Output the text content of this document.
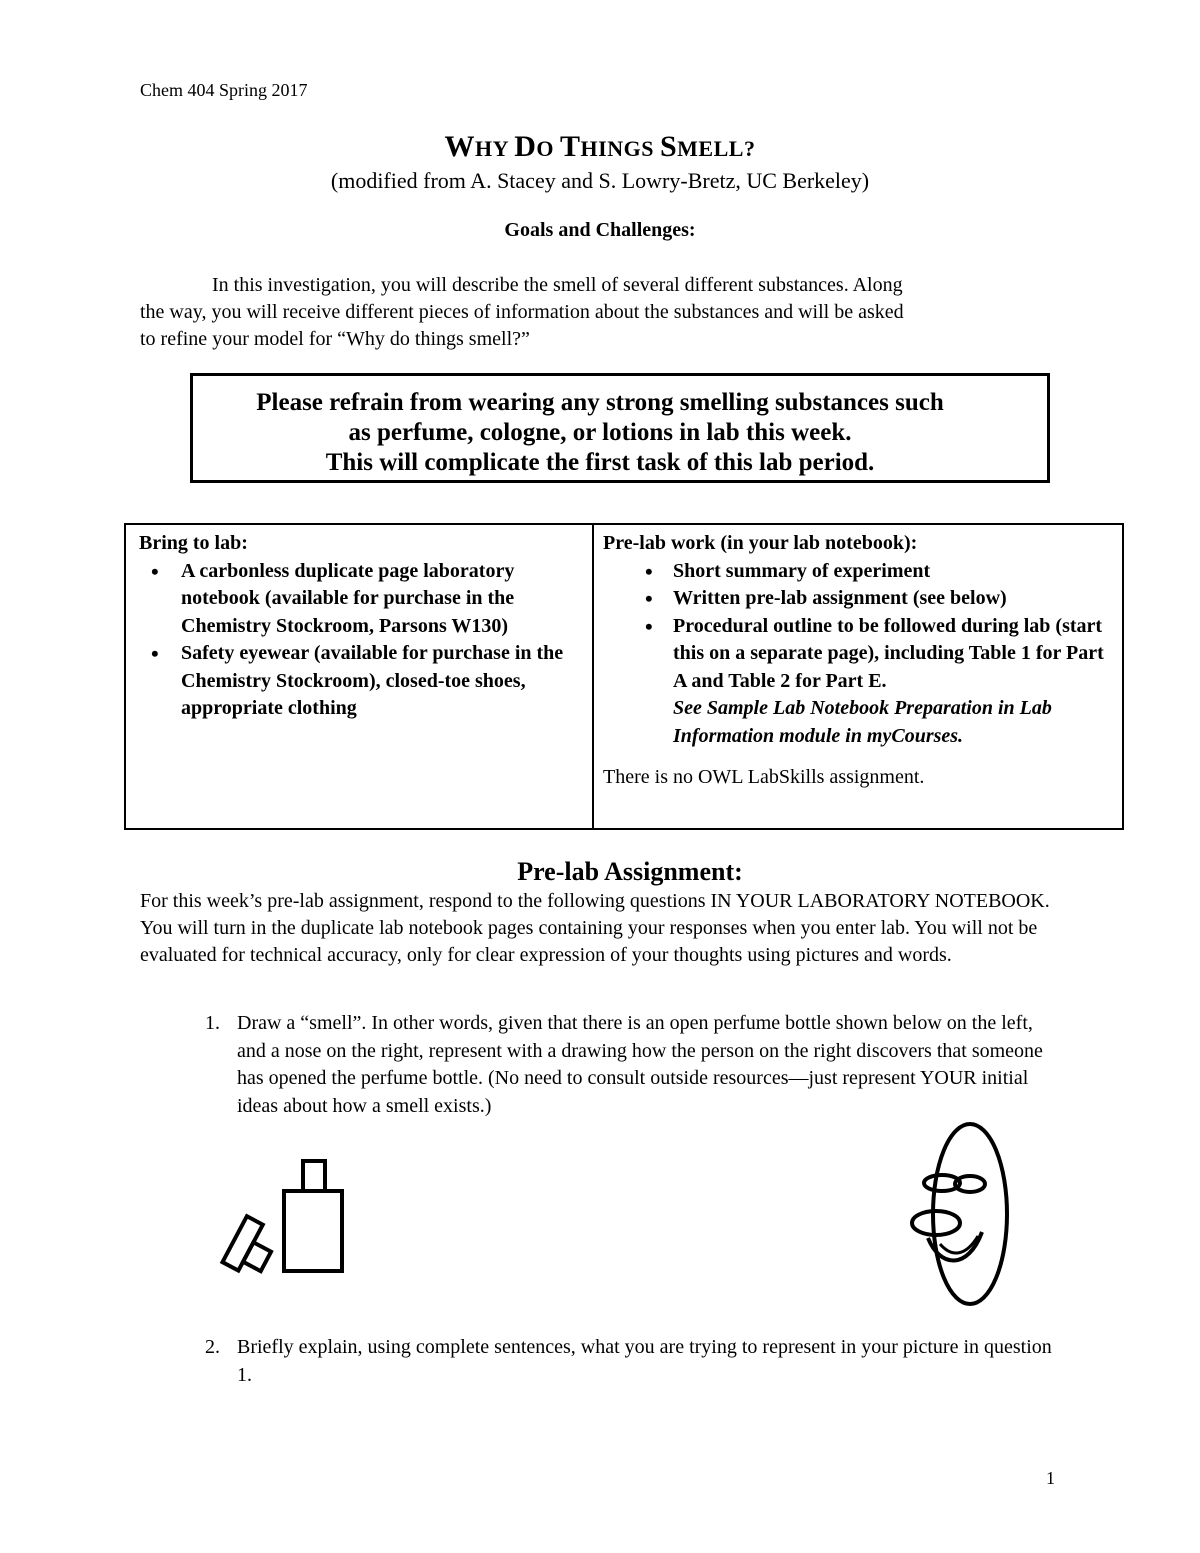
Chem 404 Spring 2017
WHY DO THINGS SMELL?
(modified from A. Stacey and S. Lowry-Bretz, UC Berkeley)
Goals and Challenges:
In this investigation, you will describe the smell of several different substances. Along
the way, you will receive different pieces of information about the substances and will be asked
to refine your model for “Why do things smell?”

Please refrain from wearing any strong smelling substances such

as perfume, cologne, or lotions in lab this week.

This will complicate the first task of this lab period.

Bring to lab:
• A carbonless duplicate page laboratory notebook (available for purchase in the Chemistry Stockroom, Parsons W130)
• Safety eyewear (available for purchase in the Chemistry Stockroom), closed-toe shoes, appropriate clothing
Pre-lab work (in your lab notebook):
• Short summary of experiment
• Written pre-lab assignment (see below)
• Procedural outline to be followed during lab (start this on a separate page), including Table 1 for Part A and Table 2 for Part E.
See Sample Lab Notebook Preparation in Lab Information module in myCourses.
There is no OWL LabSkills assignment.
Pre-lab Assignment:
For this week’s pre-lab assignment, respond to the following questions IN YOUR LABORATORY NOTEBOOK. You will turn in the duplicate lab notebook pages containing your responses when you enter lab. You will not be evaluated for technical accuracy, only for clear expression of your thoughts using pictures and words.
1. Draw a “smell”. In other words, given that there is an open perfume bottle shown below on the left, and a nose on the right, represent with a drawing how the person on the right discovers that someone has opened the perfume bottle. (No need to consult outside resources—just represent YOUR initial ideas about how a smell exists.)
2. Briefly explain, using complete sentences, what you are trying to represent in your picture in question 1.
1
